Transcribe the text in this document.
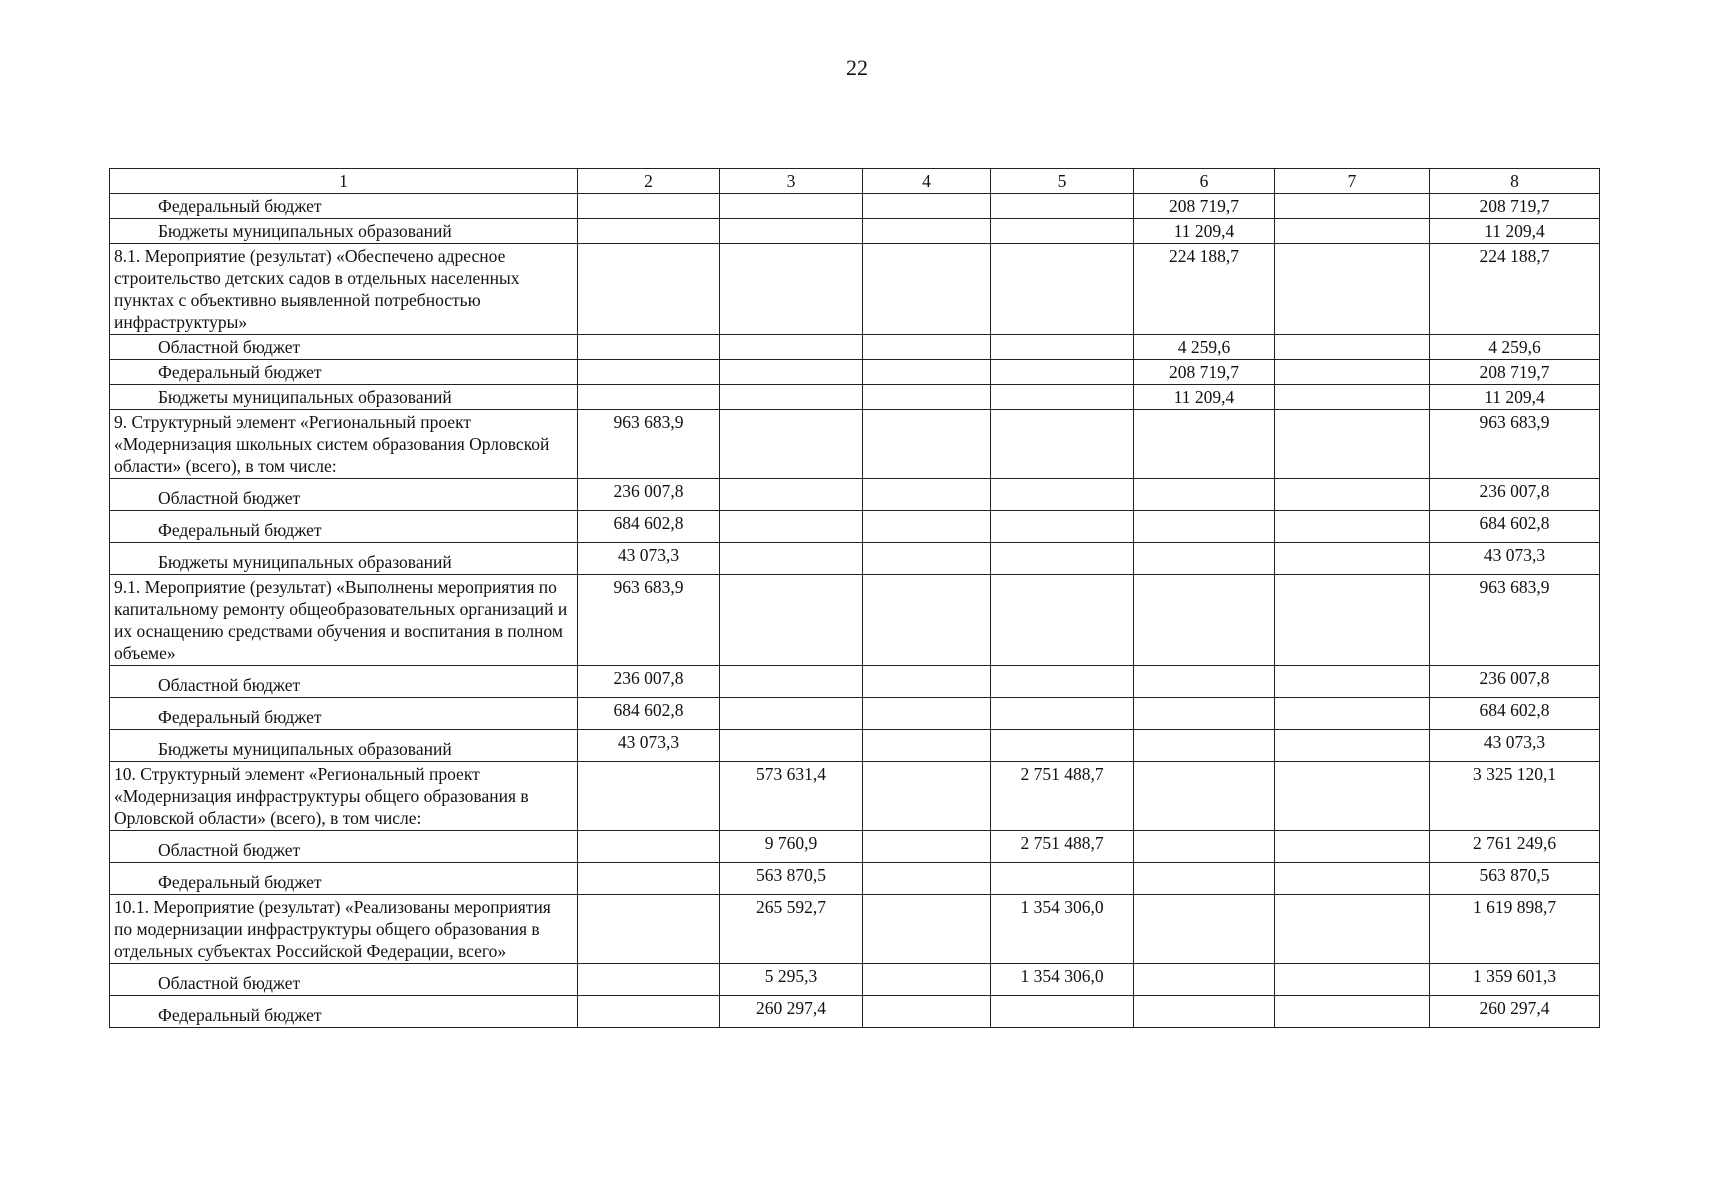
22
1	2	3	4	5	6	7	8
Федеральный бюджет					208 719,7		208 719,7
Бюджеты муниципальных образований					11 209,4		11 209,4
8.1. Мероприятие (результат) «Обеспечено адресное строительство детских садов в отдельных населенных пунктах с объективно выявленной потребностью инфраструктуры»					224 188,7		224 188,7
Областной бюджет					4 259,6		4 259,6
Федеральный бюджет					208 719,7		208 719,7
Бюджеты муниципальных образований					11 209,4		11 209,4
9. Структурный элемент «Региональный проект «Модернизация школьных систем образования Орловской области» (всего), в том числе:	963 683,9						963 683,9
Областной бюджет	236 007,8						236 007,8
Федеральный бюджет	684 602,8						684 602,8
Бюджеты муниципальных образований	43 073,3						43 073,3
9.1. Мероприятие (результат) «Выполнены мероприятия по капитальному ремонту общеобразовательных организаций и их оснащению средствами обучения и воспитания в полном объеме»	963 683,9						963 683,9
Областной бюджет	236 007,8						236 007,8
Федеральный бюджет	684 602,8						684 602,8
Бюджеты муниципальных образований	43 073,3						43 073,3
10. Структурный элемент «Региональный проект «Модернизация инфраструктуры общего образования в Орловской области» (всего), в том числе:		573 631,4		2 751 488,7			3 325 120,1
Областной бюджет		9 760,9		2 751 488,7			2 761 249,6
Федеральный бюджет		563 870,5					563 870,5
10.1. Мероприятие (результат) «Реализованы мероприятия по модернизации инфраструктуры общего образования в отдельных субъектах Российской Федерации, всего»		265 592,7		1 354 306,0			1 619 898,7
Областной бюджет		5 295,3		1 354 306,0			1 359 601,3
Федеральный бюджет		260 297,4					260 297,4
